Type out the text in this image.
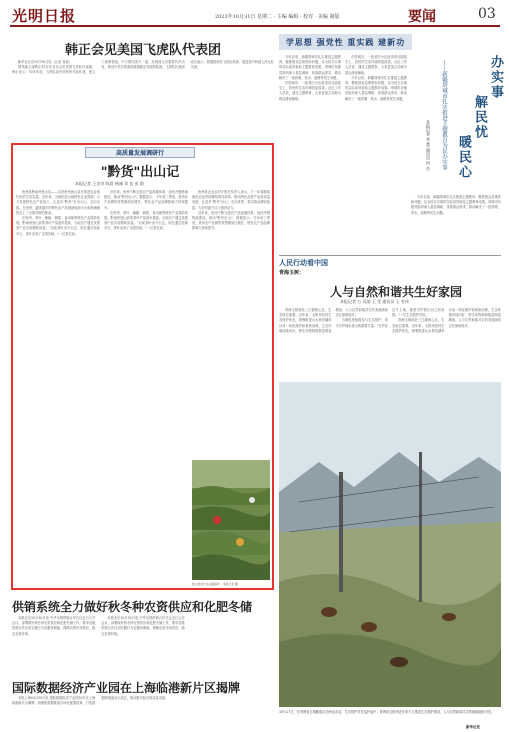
光明日报	2023年10月31日 星期二 · 主编 编辑 · 校对 · 美编 制版	要闻	03
韩正会见美国飞虎队代表团

新华社北京10月30日电（记者 刘欢）

国家副主席韩正30日在北京会见美国飞虎队代表团。韩正表示，70多年前，飞虎队同中国军民并肩作战，建立了深厚情谊。中方愿同美方一道，从两国元首重要共识出发，推动中美关系重回健康稳定发展的轨道。飞虎队代表团成员表示，愿继续讲好飞虎队故事，促进美中两国人民友好交流。

高质量发展调研行
"黔货"出山记
本报记者 王克奇 陈晨 杨谨 章 伍 张 路

贵州省黔南州独山县——这是贵州独山县在推进农业现代化的生动实践。近年来，当地依托山地特色农业资源，大力发展特色农产品加工，让更多"黔货"走出大山、走向全国。在贵州，越来越多的特色农产品借助电商平台和物流网络走上了全国各地的餐桌。

在贵州，茶叶、辣椒、刺梨、食用菌等特色产业蓬勃发展。黔南州独山县的茶叶产量逐年提高，当地农户通过发展茶产业实现增收致富。"以前茶叶卖不出去，现在通过电商平台，茶叶卖到了全国各地。"一位茶农说。

近年来，贵州不断完善农产品流通体系，加快冷链物流建设，推动"黔货出山"。数据显示，今年前三季度，贵州农产品网络零售额同比增长，特色农产品品牌影响力持续提升。

在贵州，茶叶、辣椒、刺梨、食用菌等特色产业蓬勃发展。黔南州独山县的茶叶产量逐年提高，当地农户通过发展茶产业实现增收致富。"以前茶叶卖不出去，现在通过电商平台，茶叶卖到了全国各地。"一位茶农说。

贵州省农业农村厅相关负责人表示，下一步将继续深化农业供给侧结构性改革，推动特色优势产业高质量发展，让更多"黔货"出山、走向世界，带动群众增收致富，为乡村振兴注入强劲动力。

近年来，贵州不断完善农产品流通体系，加快冷链物流建设，推动"黔货出山"。数据显示，今年前三季度，贵州农产品网络零售额同比增长，特色农产品品牌影响力持续提升。

独山县农户在采摘茶叶。本报记者 摄
供销系统全力做好秋冬种农资供应和化肥冬储

本报北京10月30日电 中华全国供销合作总社近日召开会议，部署做好秋冬种农资供应和化肥冬储工作，要求各级供销合作社切实履行为农服务职能，保障农资市场供应，稳定农资价格。

本报北京10月30日电 中华全国供销合作总社近日召开会议，部署做好秋冬种农资供应和化肥冬储工作，要求各级供销合作社切实履行为农服务职能，保障农资市场供应，稳定农资价格。

国际数据经济产业园在上海临港新片区揭牌

本报上海10月30日电 国际数据经济产业园30日在上海临港新片区揭牌，将聚焦数据要素市场化配置改革，打造数据跨境流动示范区，推动数字经济高质量发展。

学思想 强党性 重实践 建新功

今年以来，新疆塔城市扎实推进主题教育，聚焦群众急难愁盼问题，以为民办实事的实际成效检验主题教育成果。塔城市各级党组织深入基层调研，找准群众需求，推动解决了一批供暖、供水、道路等民生问题。

在塔城市，一批老旧小区改造项目陆续完工，居民的生活环境明显改善。社区工作人员说，通过主题教育，大家更加主动地为群众排忧解难。

在塔城市，一批老旧小区改造项目陆续完工，居民的生活环境明显改善。社区工作人员说，通过主题教育，大家更加主动地为群众排忧解难。

今年以来，新疆塔城市扎实推进主题教育，聚焦群众急难愁盼问题，以为民办实事的实际成效检验主题教育成果。塔城市各级党组织深入基层调研，找准群众需求，推动解决了一批供暖、供水、道路等民生问题。

今年以来，新疆塔城市扎实推进主题教育，聚焦群众急难愁盼问题，以为民办实事的实际成效检验主题教育成果。塔城市各级党组织深入基层调研，找准群众需求，推动解决了一批供暖、供水、道路等民生问题。

办实事
解民忧
暖民心
——新疆塔城市扎实推进主题教育为民办实事
本报记者 李 慧 通讯员 何 杰
人民行动看中国
青海玉树：
人与自然和谐共生好家园
本报记者 万 玛加 王 莹 通讯员 王 有伟

青海玉树地处三江源核心区，生态地位重要。近年来，玉树州坚持生态保护优先，统筹推进山水林田湖草沙冰一体化保护和系统治理，生态环境持续向好，野生动物种群数量明显增加，人与自然和谐共生的美丽画卷正在徐徐展开。

当地牧民积极参与生态管护，成为守护绿水青山的重要力量。"守护好这片土地，就是守护我们自己的家园。"一位生态管护员说。

青海玉树地处三江源核心区，生态地位重要。近年来，玉树州坚持生态保护优先，统筹推进山水林田湖草沙冰一体化保护和系统治理，生态环境持续向好，野生动物种群数量明显增加，人与自然和谐共生的美丽画卷正在徐徐展开。

10月17日，在青海省玉树藏族自治州治多县，生态管护员在巡护途中。青海省玉树州近年来大力推进生态保护建设，人与自然和谐共生的画面随处可见。
新华社发
